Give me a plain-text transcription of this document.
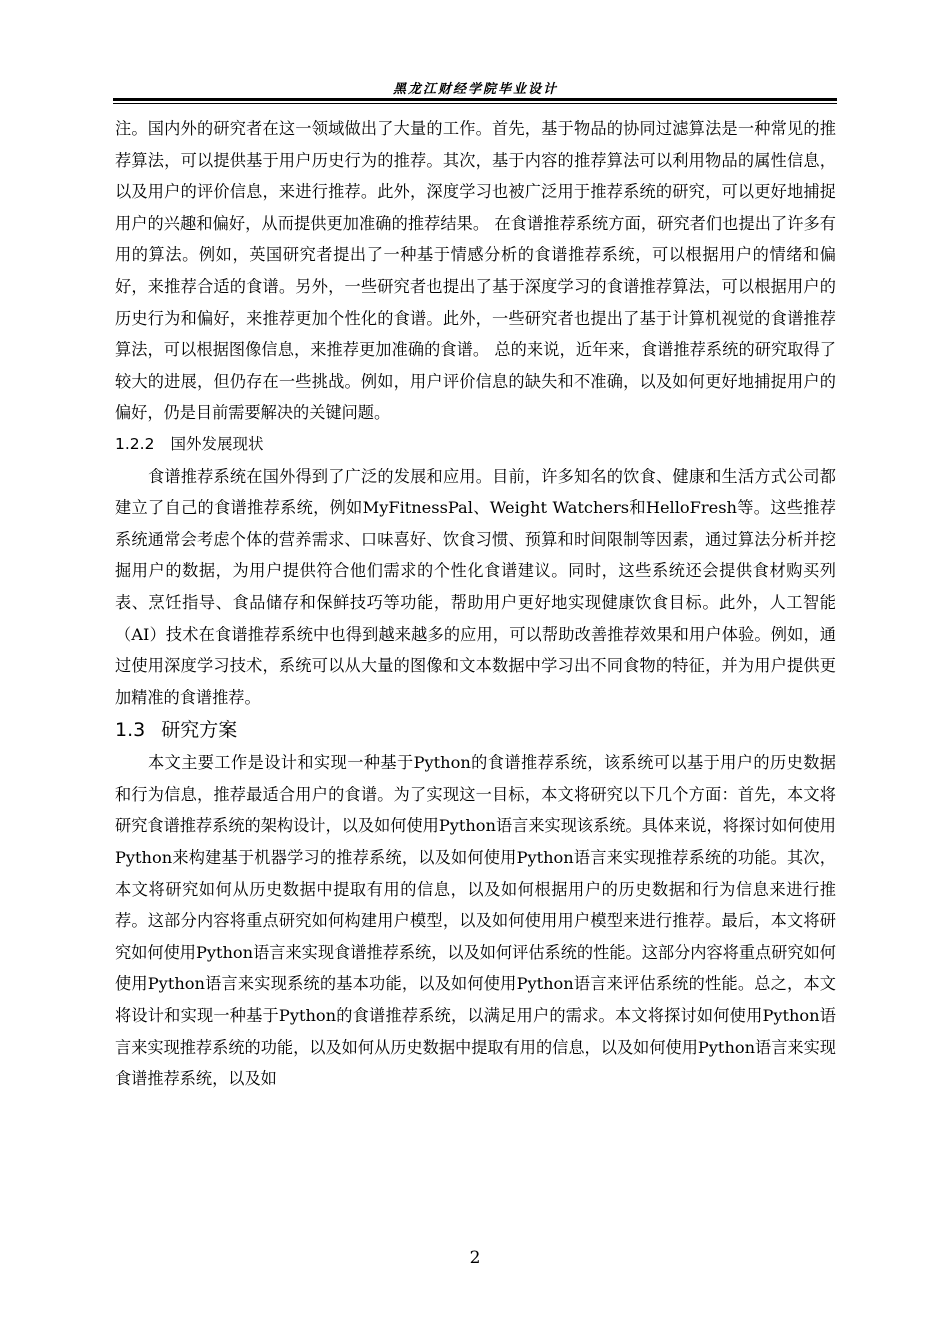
黑龙江财经学院毕业设计

注。国内外的研究者在这一领域做出了大量的工作。首先，基于物品的协同过滤算法是一种常见的推荐算法，可以提供基于用户历史行为的推荐。其次，基于内容的推荐算法可以利用物品的属性信息，以及用户的评价信息，来进行推荐。此外，深度学习也被广泛用于推荐系统的研究，可以更好地捕捉用户的兴趣和偏好，从而提供更加准确的推荐结果。 在食谱推荐系统方面，研究者们也提出了许多有用的算法。例如，英国研究者提出了一种基于情感分析的食谱推荐系统，可以根据用户的情绪和偏好，来推荐合适的食谱。另外，一些研究者也提出了基于深度学习的食谱推荐算法，可以根据用户的历史行为和偏好，来推荐更加个性化的食谱。此外，一些研究者也提出了基于计算机视觉的食谱推荐算法，可以根据图像信息，来推荐更加准确的食谱。 总的来说，近年来，食谱推荐系统的研究取得了较大的进展，但仍存在一些挑战。例如，用户评价信息的缺失和不准确，以及如何更好地捕捉用户的偏好，仍是目前需要解决的关键问题。

1.2.2 国外发展现状

食谱推荐系统在国外得到了广泛的发展和应用。目前，许多知名的饮食、健康和生活方式公司都建立了自己的食谱推荐系统，例如MyFitnessPal、Weight Watchers和HelloFresh等。这些推荐系统通常会考虑个体的营养需求、口味喜好、饮食习惯、预算和时间限制等因素，通过算法分析并挖掘用户的数据，为用户提供符合他们需求的个性化食谱建议。同时，这些系统还会提供食材购买列表、烹饪指导、食品储存和保鲜技巧等功能，帮助用户更好地实现健康饮食目标。此外，人工智能（AI）技术在食谱推荐系统中也得到越来越多的应用，可以帮助改善推荐效果和用户体验。例如，通过使用深度学习技术，系统可以从大量的图像和文本数据中学习出不同食物的特征，并为用户提供更加精准的食谱推荐。

1.3 研究方案

本文主要工作是设计和实现一种基于Python的食谱推荐系统，该系统可以基于用户的历史数据和行为信息，推荐最适合用户的食谱。为了实现这一目标，本文将研究以下几个方面：首先，本文将研究食谱推荐系统的架构设计，以及如何使用Python语言来实现该系统。具体来说，将探讨如何使用Python来构建基于机器学习的推荐系统，以及如何使用Python语言来实现推荐系统的功能。其次，本文将研究如何从历史数据中提取有用的信息，以及如何根据用户的历史数据和行为信息来进行推荐。这部分内容将重点研究如何构建用户模型，以及如何使用用户模型来进行推荐。最后，本文将研究如何使用Python语言来实现食谱推荐系统，以及如何评估系统的性能。这部分内容将重点研究如何使用Python语言来实现系统的基本功能，以及如何使用Python语言来评估系统的性能。总之，本文将设计和实现一种基于Python的食谱推荐系统，以满足用户的需求。本文将探讨如何使用Python语言来实现推荐系统的功能，以及如何从历史数据中提取有用的信息，以及如何使用Python语言来实现食谱推荐系统，以及如

2
